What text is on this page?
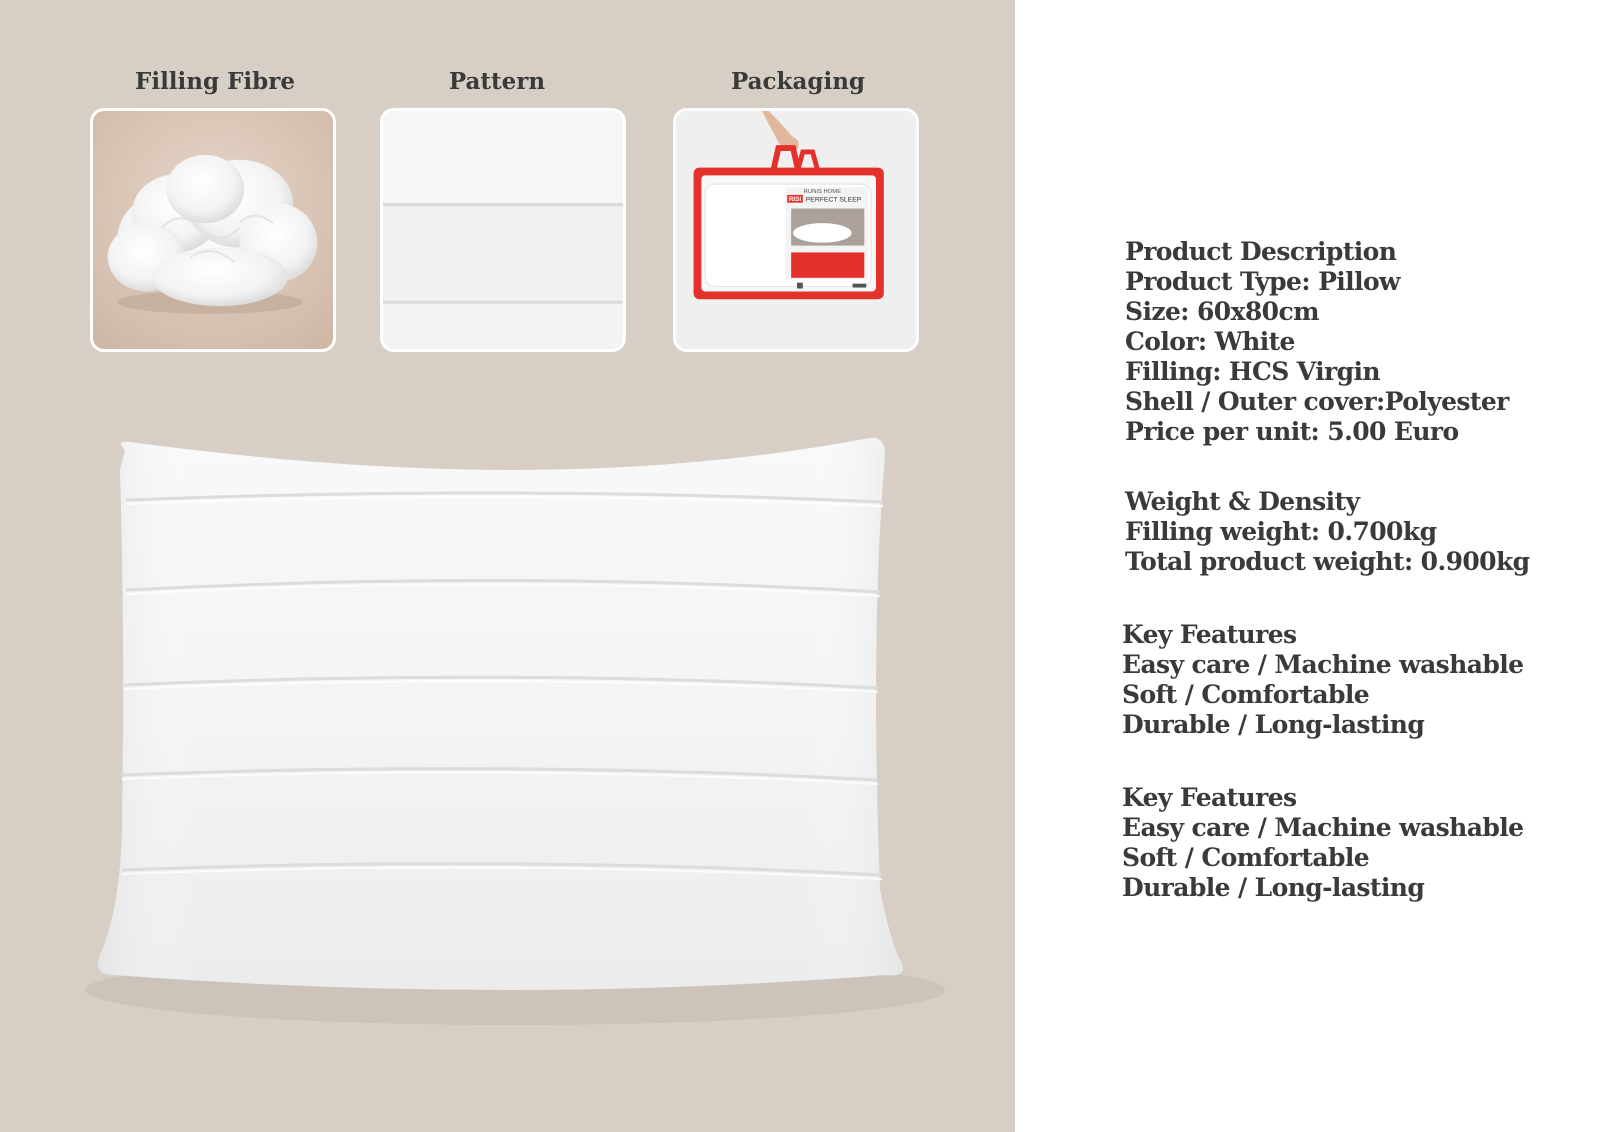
Filling Fibre	Pattern	Packaging
RUNIS HOME
RISI PERFECT SLEEP
Product Description
Product Type: Pillow
Size: 60x80cm
Color: White
Filling: HCS Virgin
Shell / Outer cover:Polyester
Price per unit: 5.00 Euro
Weight & Density
Filling weight: 0.700kg
Total product weight: 0.900kg
Key Features
Easy care / Machine washable
Soft / Comfortable
Durable / Long-lasting
Key Features
Easy care / Machine washable
Soft / Comfortable
Durable / Long-lasting
